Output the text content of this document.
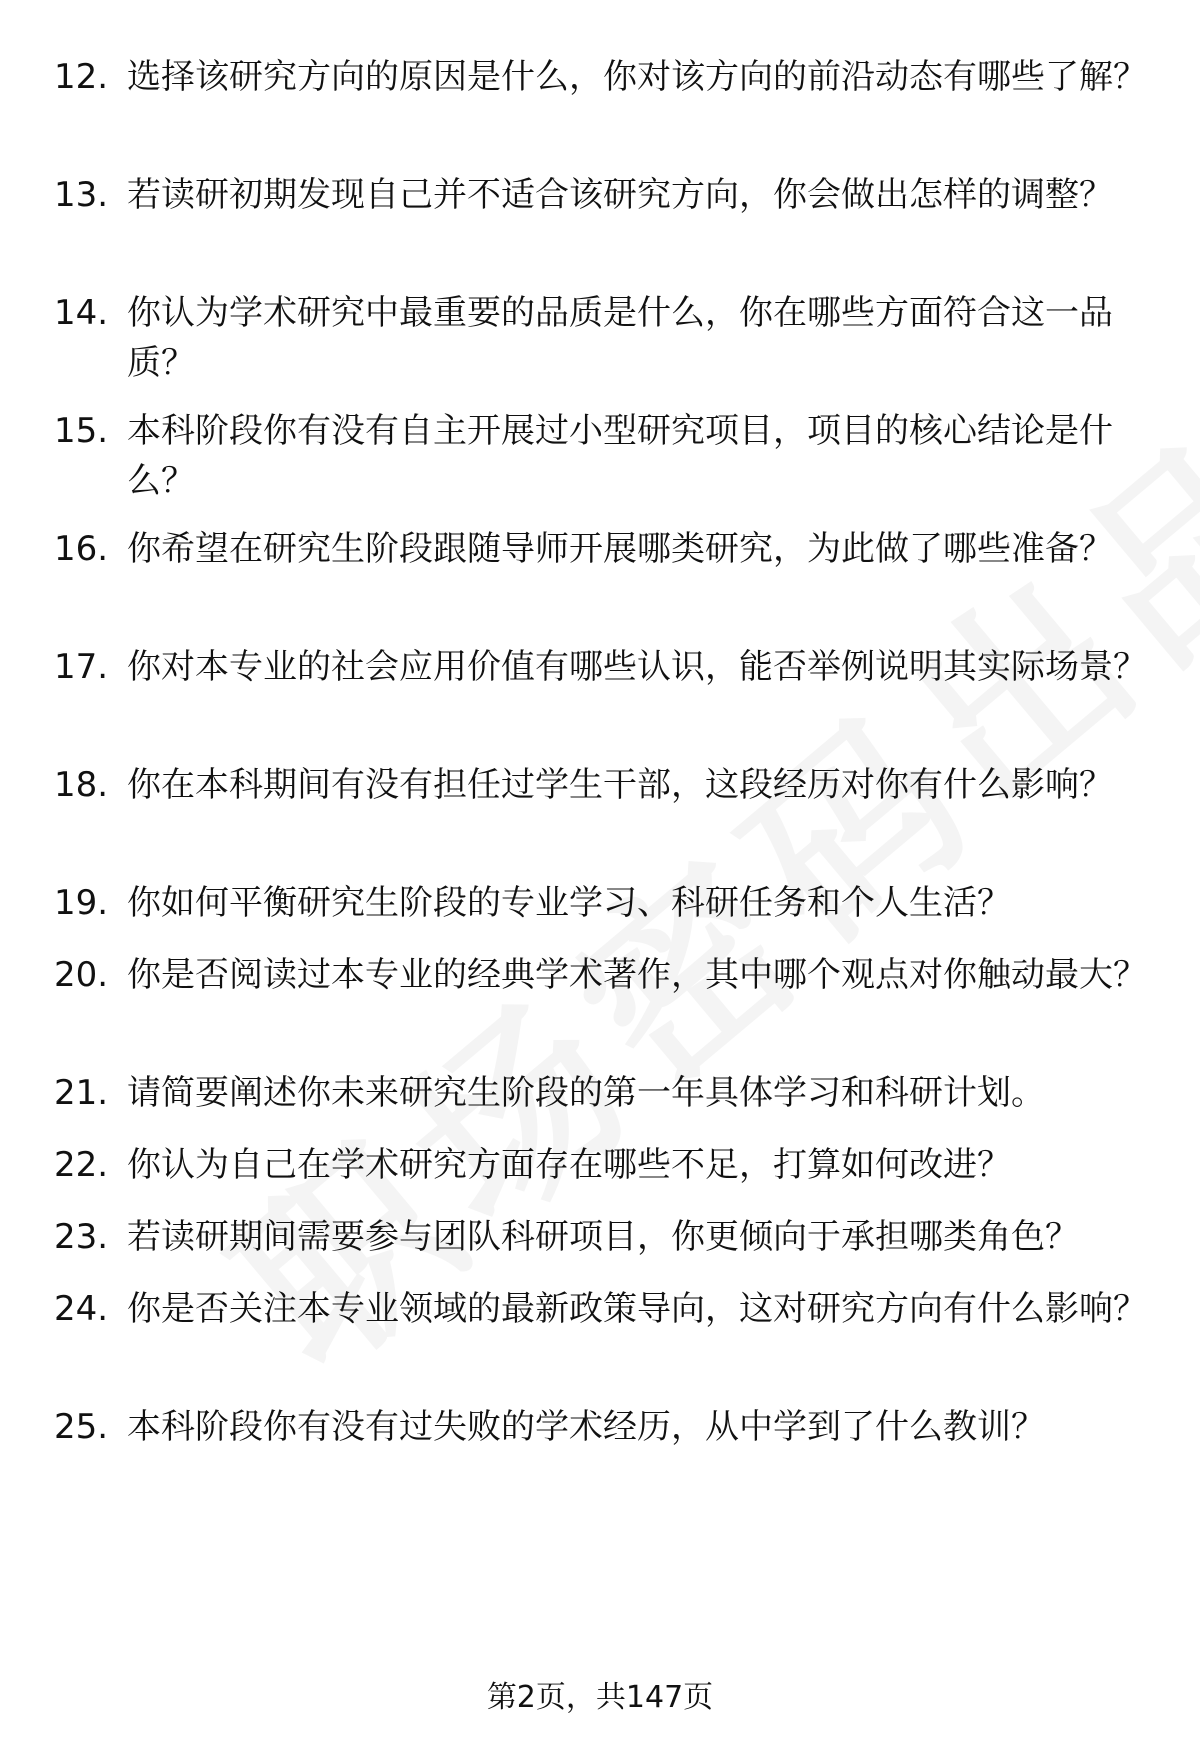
12. 选择该研究方向的原因是什么，你对该方向的前沿动态有哪些了解？
13. 若读研初期发现自己并不适合该研究方向，你会做出怎样的调整？
14. 你认为学术研究中最重要的品质是什么，你在哪些方面符合这一品质？
15. 本科阶段你有没有自主开展过小型研究项目，项目的核心结论是什么？
16. 你希望在研究生阶段跟随导师开展哪类研究，为此做了哪些准备？
17. 你对本专业的社会应用价值有哪些认识，能否举例说明其实际场景？
18. 你在本科期间有没有担任过学生干部，这段经历对你有什么影响？
19. 你如何平衡研究生阶段的专业学习、科研任务和个人生活？
20. 你是否阅读过本专业的经典学术著作，其中哪个观点对你触动最大？
21. 请简要阐述你未来研究生阶段的第一年具体学习和科研计划。
22. 你认为自己在学术研究方面存在哪些不足，打算如何改进？
23. 若读研期间需要参与团队科研项目，你更倾向于承担哪类角色？
24. 你是否关注本专业领域的最新政策导向，这对研究方向有什么影响？
25. 本科阶段你有没有过失败的学术经历，从中学到了什么教训？
第2页，共147页
